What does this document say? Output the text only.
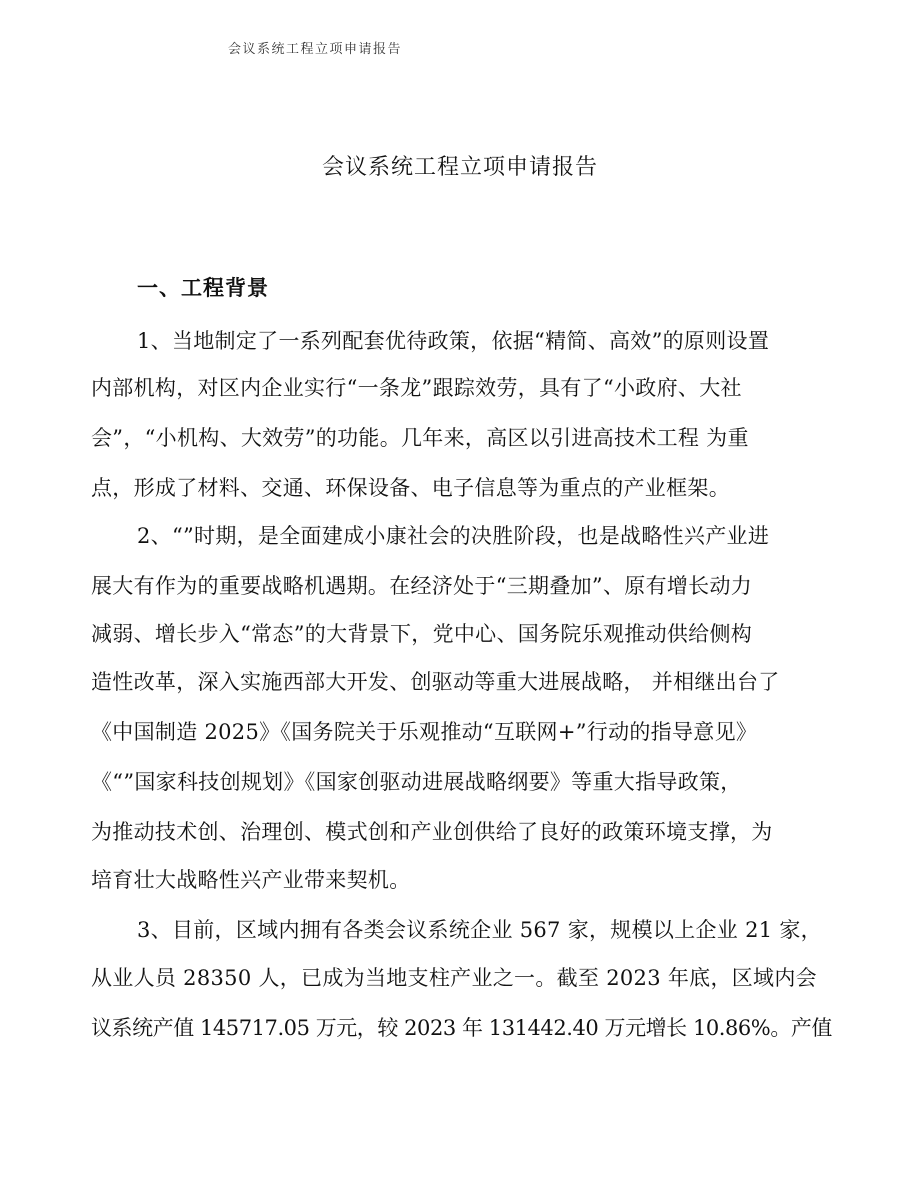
会议系统工程立项申请报告
会议系统工程立项申请报告
一、工程背景
1、当地制定了一系列配套优待政策，依据“精简、高效”的原则设置
内部机构，对区内企业实行“一条龙”跟踪效劳，具有了“小政府、大社
会”，“小机构、大效劳”的功能。几年来，高区以引进高技术工程 为重
点，形成了材料、交通、环保设备、电子信息等为重点的产业框架。
2、“”时期，是全面建成小康社会的决胜阶段，也是战略性兴产业进
展大有作为的重要战略机遇期。在经济处于“三期叠加”、原有增长动力
减弱、增长步入“常态”的大背景下，党中心、国务院乐观推动供给侧构
造性改革，深入实施西部大开发、创驱动等重大进展战略， 并相继出台了
《中国制造 2025》《国务院关于乐观推动“互联网+”行动的指导意见》
《“”国家科技创规划》《国家创驱动进展战略纲要》等重大指导政策，
为推动技术创、治理创、模式创和产业创供给了良好的政策环境支撑，为
培育壮大战略性兴产业带来契机。
3、目前，区域内拥有各类会议系统企业 567 家，规模以上企业 21 家，
从业人员 28350 人，已成为当地支柱产业之一。截至 2023 年底，区域内会
议系统产值 145717.05 万元，较 2023 年 131442.40 万元增长 10.86%。产值
